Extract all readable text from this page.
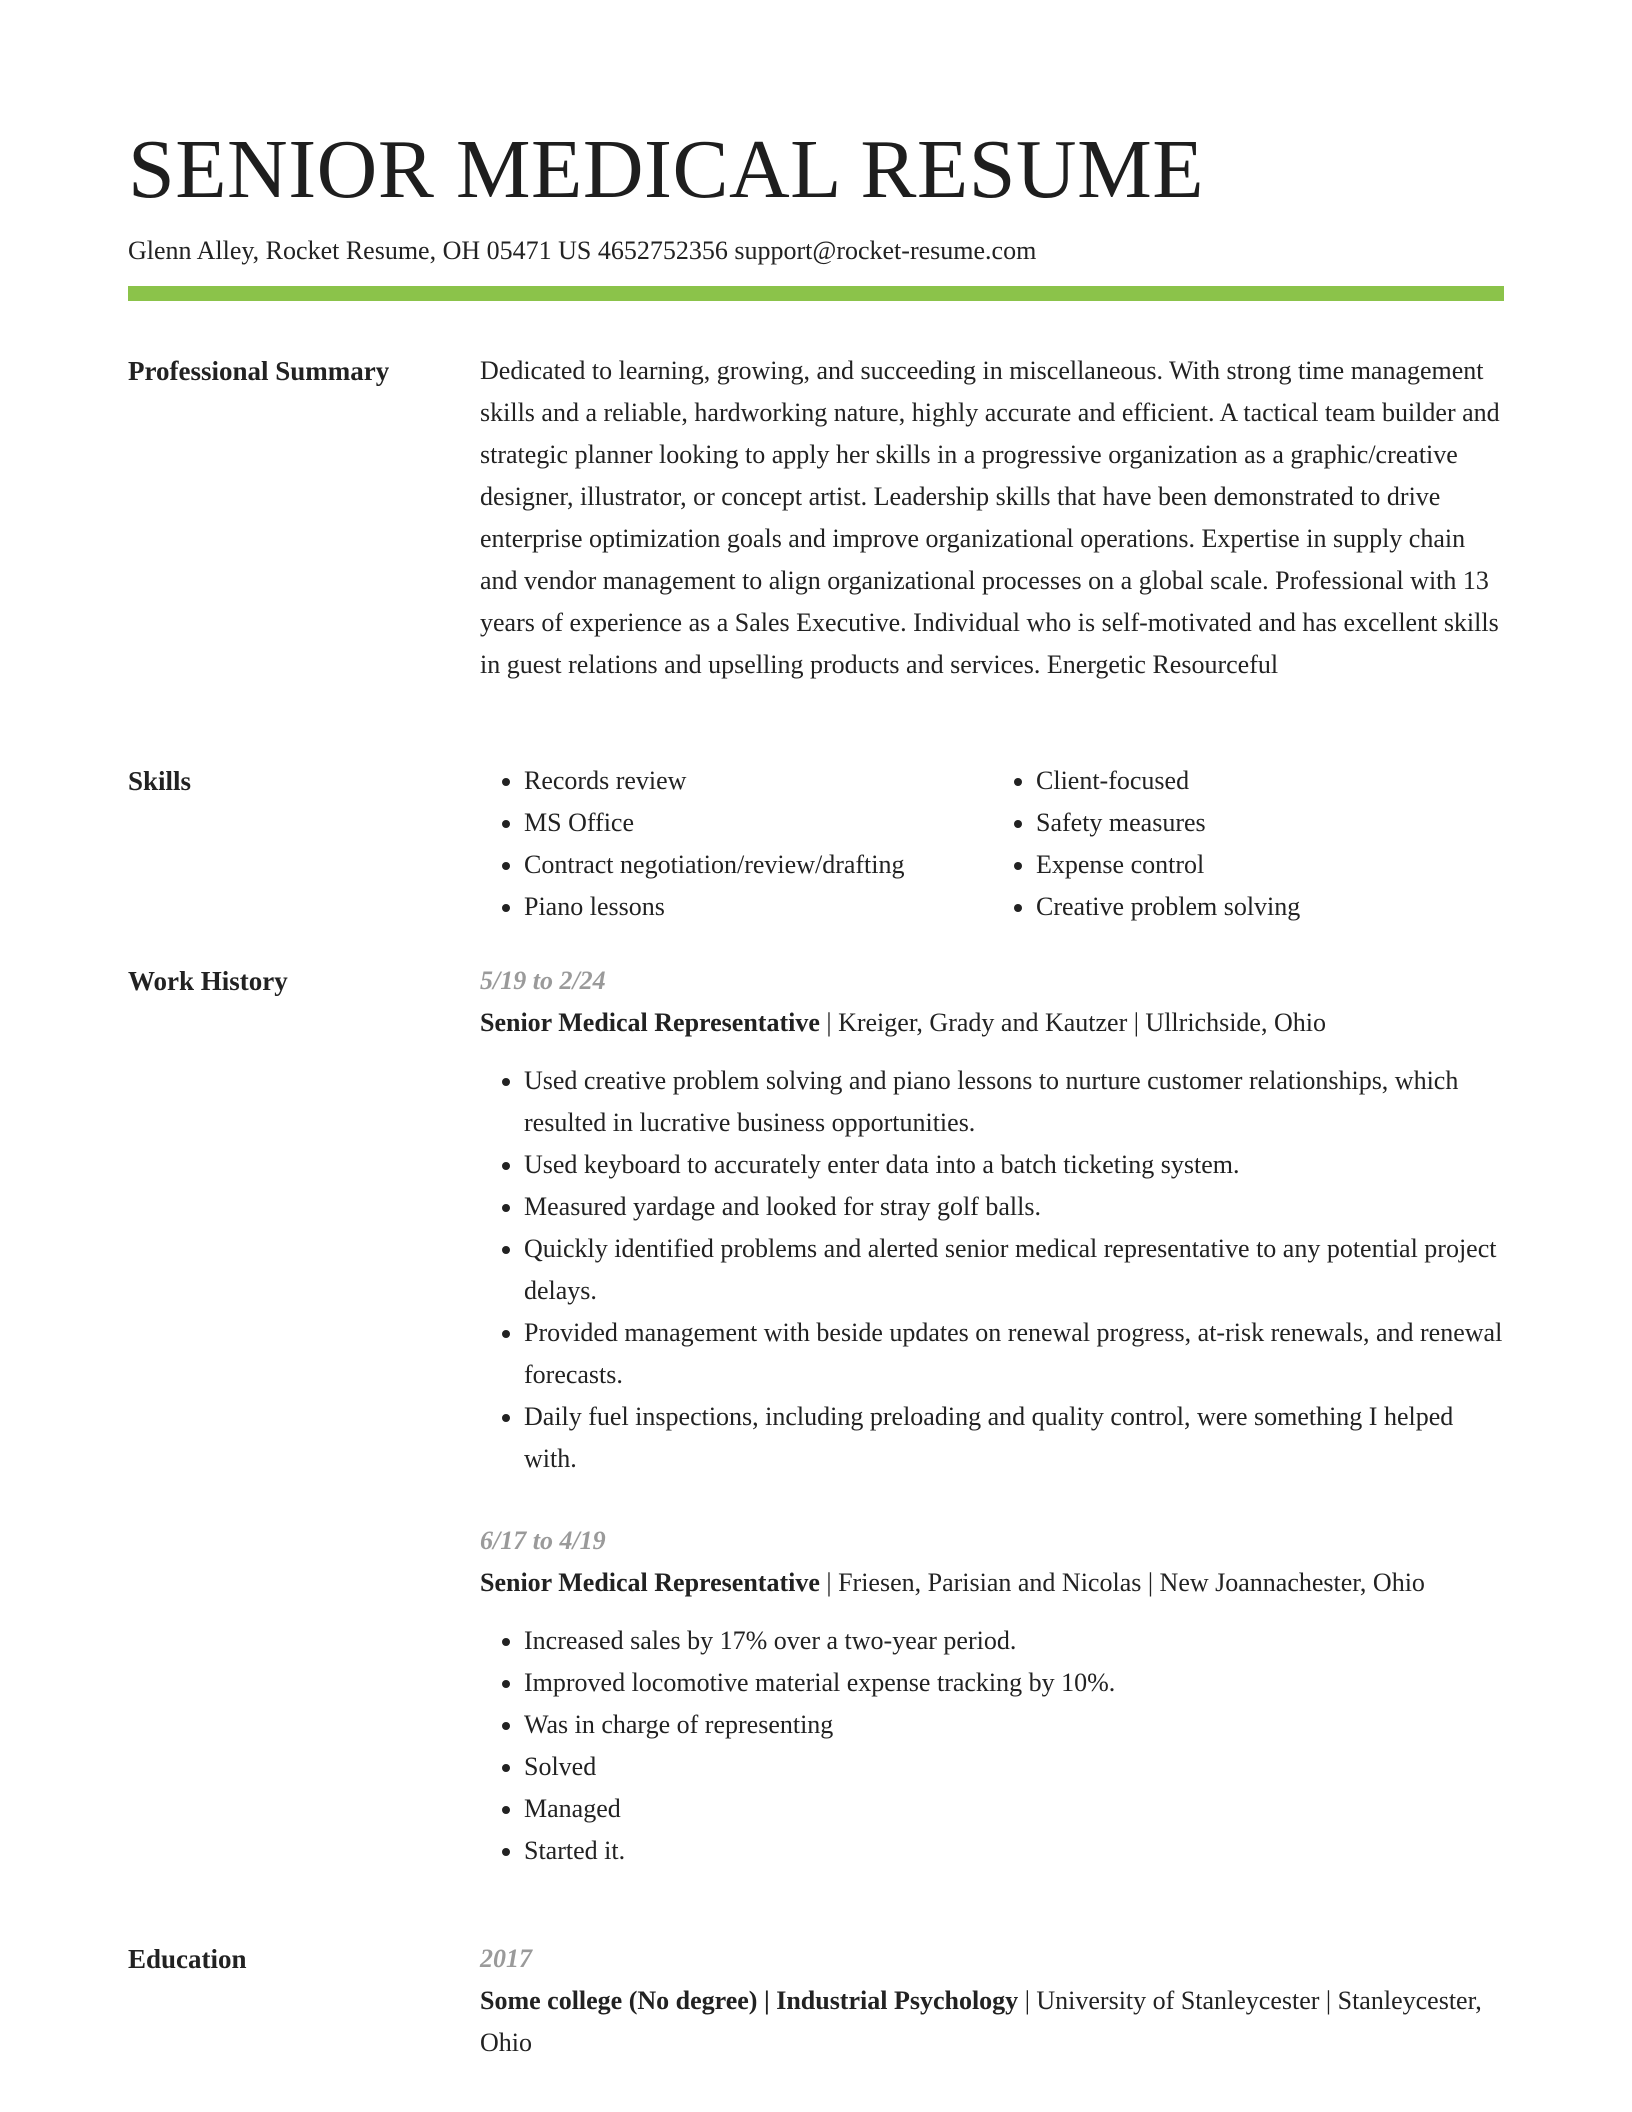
SENIOR MEDICAL RESUME
Glenn Alley, Rocket Resume, OH 05471 US 4652752356 support@rocket-resume.com
Professional Summary	Dedicated to learning, growing, and succeeding in miscellaneous. With strong time management skills and a reliable, hardworking nature, highly accurate and efficient. A tactical team builder and strategic planner looking to apply her skills in a progressive organization as a graphic/creative designer, illustrator, or concept artist. Leadership skills that have been demonstrated to drive enterprise optimization goals and improve organizational operations. Expertise in supply chain and vendor management to align organizational processes on a global scale. Professional with 13 years of experience as a Sales Executive. Individual who is self-motivated and has excellent skills in guest relations and upselling products and services. Energetic Resourceful

Skills
•	Records review
• MS Office
• Contract negotiation/review/drafting
• Piano lessons
• Client-focused
• Safety measures
• Expense control
• Creative problem solving
Work History	5/19 to 2/24
Senior Medical Representative | Kreiger, Grady and Kautzer | Ullrichside, Ohio
• Used creative problem solving and piano lessons to nurture customer relationships, which resulted in lucrative business opportunities.
• Used keyboard to accurately enter data into a batch ticketing system.
• Measured yardage and looked for stray golf balls.
• Quickly identified problems and alerted senior medical representative to any potential project delays.
• Provided management with beside updates on renewal progress, at-risk renewals, and renewal forecasts.
• Daily fuel inspections, including preloading and quality control, were something I helped with.
6/17 to 4/19
Senior Medical Representative | Friesen, Parisian and Nicolas | New Joannachester, Ohio
• Increased sales by 17% over a two-year period.
• Improved locomotive material expense tracking by 10%.
• Was in charge of representing
• Solved
• Managed
• Started it.
Education	2017
Some college (No degree) | Industrial Psychology | University of Stanleycester | Stanleycester, Ohio
